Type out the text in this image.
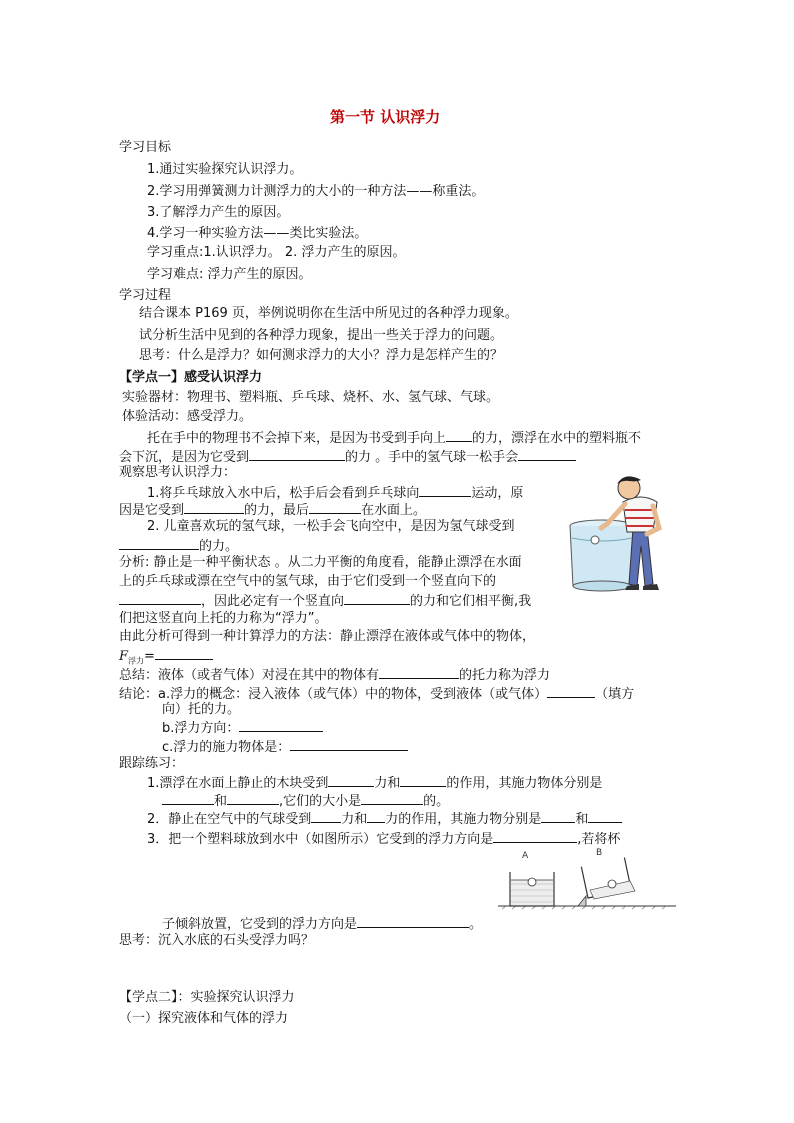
第一节 认识浮力
学习目标
1.通过实验探究认识浮力。
2.学习用弹簧测力计测浮力的大小的一种方法——称重法。
3.了解浮力产生的原因。
4.学习一种实验方法——类比实验法。
学习重点:1.认识浮力。 2. 浮力产生的原因。
学习难点: 浮力产生的原因。
学习过程
结合课本 P169 页，举例说明你在生活中所见过的各种浮力现象。
试分析生活中见到的各种浮力现象，提出一些关于浮力的问题。
思考：什么是浮力？如何测求浮力的大小？浮力是怎样产生的？
【学点一】感受认识浮力
实验器材：物理书、塑料瓶、乒乓球、烧杯、水、氢气球、气球。
体验活动：感受浮力。
托在手中的物理书不会掉下来，是因为书受到手向上 的力，漂浮在水中的塑料瓶不
会下沉，是因为它受到	的力 。手中的氢气球一松手会
观察思考认识浮力：
1.将乒乓球放入水中后，松手后会看到乒乓球向	运动，原
因是它受到	的力，最后	在水面上。
2. 儿童喜欢玩的氢气球，一松手会飞向空中，是因为氢气球受到
的力。
分析: 静止是一种平衡状态 。从二力平衡的角度看，能静止漂浮在水面
上的乒乓球或漂在空气中的氢气球，由于它们受到一个竖直向下的
，因此必定有一个竖直向	的力和它们相平衡,我
们把这竖直向上托的力称为“浮力”。
由此分析可得到一种计算浮力的方法：静止漂浮在液体或气体中的物体，
$F_{浮力}=$
总结：液体（或者气体）对浸在其中的物体有	的托力称为浮力
结论：a.浮力的概念：浸入液体（或气体）中的物体，受到液体（或气体）	（填方
向）托的力。
b.浮力方向：
c.浮力的施力物体是：
跟踪练习：
1.漂浮在水面上静止的木块受到	力和	的作用，其施力物体分别是
和	,它们的大小是	的。
2．静止在空气中的气球受到 力和 力的作用，其施力物分别是	和
3．把一个塑料球放到水中（如图所示）它受到的浮力方向是	,若将杯
A	B
子倾斜放置，它受到的浮力方向是	。
思考：沉入水底的石头受浮力吗？
【学点二】：实验探究认识浮力
（一）探究液体和气体的浮力
